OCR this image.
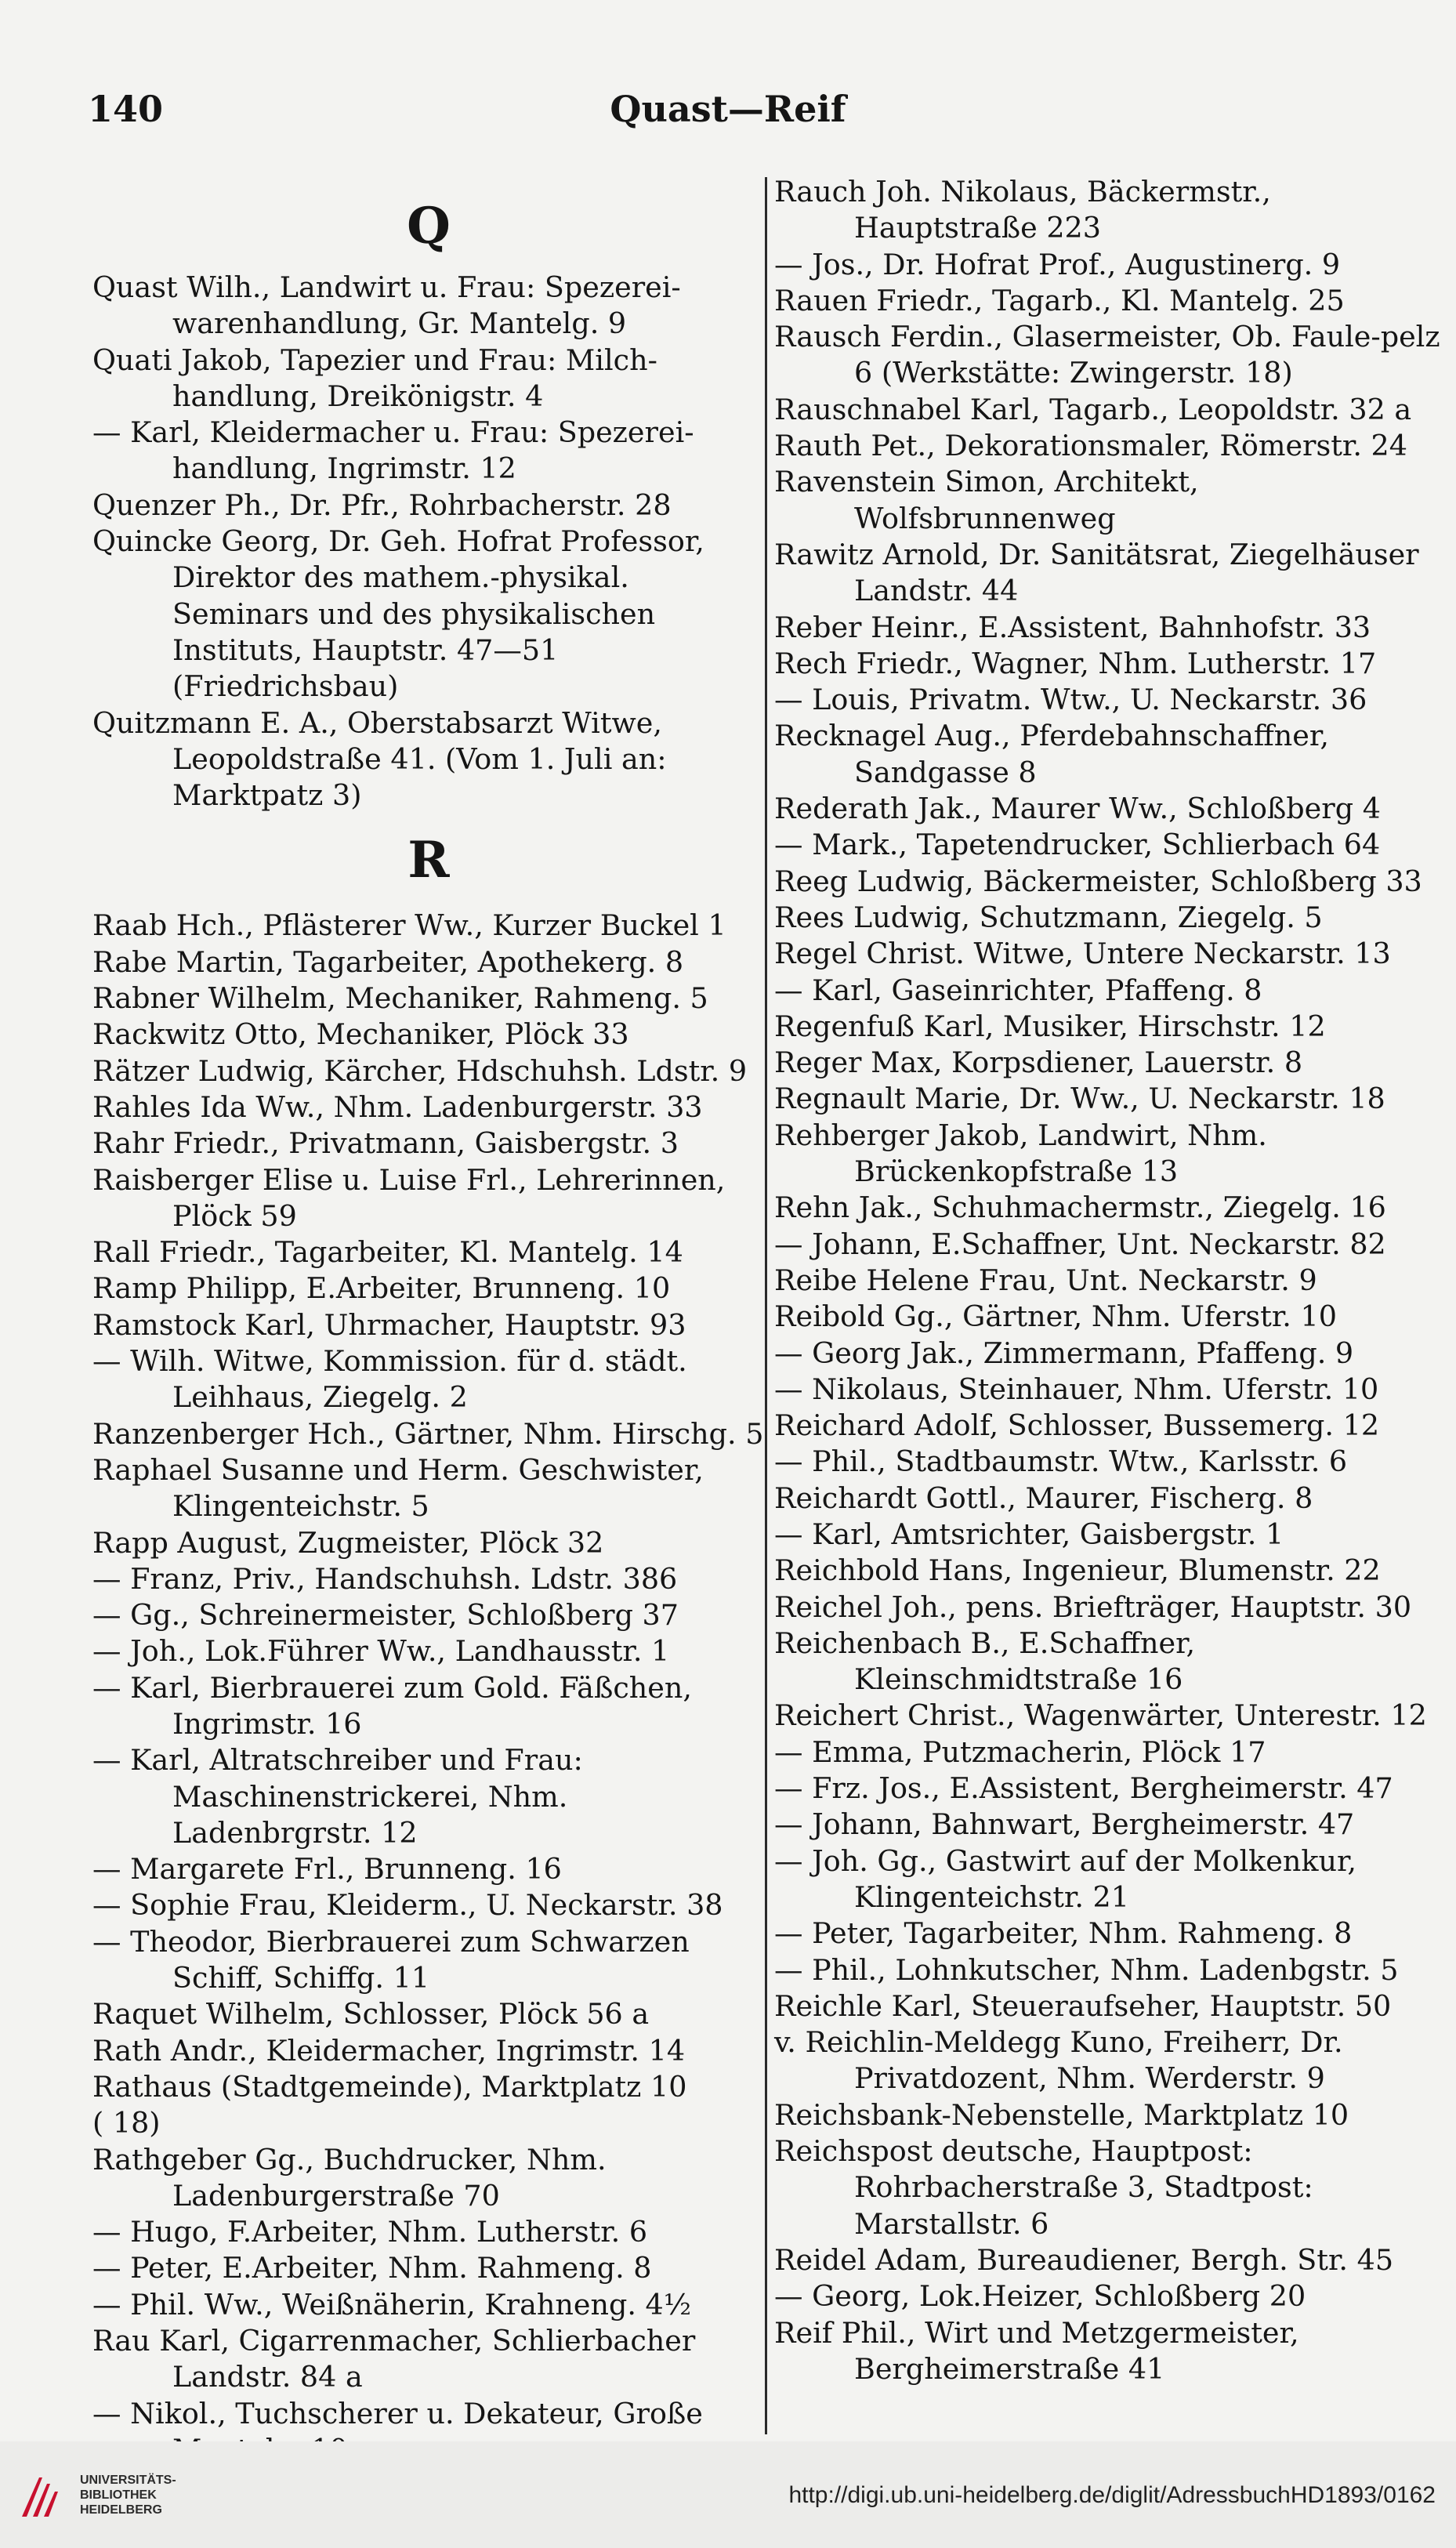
140	Quast—Reif
Q

Quast Wilh., Landwirt u. Frau: Spezerei-warenhandlung, Gr. Mantelg. 9

Quati Jakob, Tapezier und Frau: Milch-handlung, Dreikönigstr. 4

— Karl, Kleidermacher u. Frau: Spezerei-handlung, Ingrimstr. 12

Quenzer Ph., Dr. Pfr., Rohrbacherstr. 28

Quincke Georg, Dr. Geh. Hofrat Professor, Direktor des mathem.-physikal. Seminars und des physikalischen Instituts, Hauptstr. 47—51 (Friedrichsbau)

Quitzmann E. A., Oberstabsarzt Witwe, Leopoldstraße 41. (Vom 1. Juli an: Marktpatz 3)

R

Raab Hch., Pflästerer Ww., Kurzer Buckel 1

Rabe Martin, Tagarbeiter, Apothekerg. 8

Rabner Wilhelm, Mechaniker, Rahmeng. 5

Rackwitz Otto, Mechaniker, Plöck 33

Rätzer Ludwig, Kärcher, Hdschuhsh. Ldstr. 9

Rahles Ida Ww., Nhm. Ladenburgerstr. 33

Rahr Friedr., Privatmann, Gaisbergstr. 3

Raisberger Elise u. Luise Frl., Lehrerinnen, Plöck 59

Rall Friedr., Tagarbeiter, Kl. Mantelg. 14

Ramp Philipp, E.Arbeiter, Brunneng. 10

Ramstock Karl, Uhrmacher, Hauptstr. 93

— Wilh. Witwe, Kommission. für d. städt. Leihhaus, Ziegelg. 2

Ranzenberger Hch., Gärtner, Nhm. Hirschg. 5

Raphael Susanne und Herm. Geschwister, Klingenteichstr. 5

Rapp August, Zugmeister, Plöck 32

— Franz, Priv., Handschuhsh. Ldstr. 386

— Gg., Schreinermeister, Schloßberg 37

— Joh., Lok.Führer Ww., Landhausstr. 1

— Karl, Bierbrauerei zum Gold. Fäßchen, Ingrimstr. 16

— Karl, Altratschreiber und Frau: Maschinenstrickerei, Nhm. Ladenbrgrstr. 12

— Margarete Frl., Brunneng. 16

— Sophie Frau, Kleiderm., U. Neckarstr. 38

— Theodor, Bierbrauerei zum Schwarzen Schiff, Schiffg. 11

Raquet Wilhelm, Schlosser, Plöck 56 a

Rath Andr., Kleidermacher, Ingrimstr. 14

Rathaus (Stadtgemeinde), Marktplatz 10

( 18)

Rathgeber Gg., Buchdrucker, Nhm. Ladenburgerstraße 70

— Hugo, F.Arbeiter, Nhm. Lutherstr. 6

— Peter, E.Arbeiter, Nhm. Rahmeng. 8

— Phil. Ww., Weißnäherin, Krahneng. 4½

Rau Karl, Cigarrenmacher, Schlierbacher Landstr. 84 a

— Nikol., Tuchscherer u. Dekateur, Große

Rauch Joh. Nikolaus, Bäckermstr., Hauptstraße 223

— Jos., Dr. Hofrat Prof., Augustinerg. 9

Rauen Friedr., Tagarb., Kl. Mantelg. 25

Rausch Ferdin., Glasermeister, Ob. Faule-pelz 6 (Werkstätte: Zwingerstr. 18)

Rauschnabel Karl, Tagarb., Leopoldstr. 32 a

Rauth Pet., Dekorationsmaler, Römerstr. 24

Ravenstein Simon, Architekt, Wolfsbrunnenweg

Rawitz Arnold, Dr. Sanitätsrat, Ziegelhäuser Landstr. 44

Reber Heinr., E.Assistent, Bahnhofstr. 33

Rech Friedr., Wagner, Nhm. Lutherstr. 17

— Louis, Privatm. Wtw., U. Neckarstr. 36

Recknagel Aug., Pferdebahnschaffner, Sandgasse 8

Rederath Jak., Maurer Ww., Schloßberg 4

— Mark., Tapetendrucker, Schlierbach 64

Reeg Ludwig, Bäckermeister, Schloßberg 33

Rees Ludwig, Schutzmann, Ziegelg. 5

Regel Christ. Witwe, Untere Neckarstr. 13

— Karl, Gaseinrichter, Pfaffeng. 8

Regenfuß Karl, Musiker, Hirschstr. 12

Reger Max, Korpsdiener, Lauerstr. 8

Regnault Marie, Dr. Ww., U. Neckarstr. 18

Rehberger Jakob, Landwirt, Nhm. Brückenkopfstraße 13

Rehn Jak., Schuhmachermstr., Ziegelg. 16

— Johann, E.Schaffner, Unt. Neckarstr. 82

Reibe Helene Frau, Unt. Neckarstr. 9

Reibold Gg., Gärtner, Nhm. Uferstr. 10

— Georg Jak., Zimmermann, Pfaffeng. 9

— Nikolaus, Steinhauer, Nhm. Uferstr. 10

Reichard Adolf, Schlosser, Bussemerg. 12

— Phil., Stadtbaumstr. Wtw., Karlsstr. 6

Reichardt Gottl., Maurer, Fischerg. 8

— Karl, Amtsrichter, Gaisbergstr. 1

Reichbold Hans, Ingenieur, Blumenstr. 22

Reichel Joh., pens. Briefträger, Hauptstr. 30

Reichenbach B., E.Schaffner, Kleinschmidtstraße 16

Reichert Christ., Wagenwärter, Unterestr. 12

— Emma, Putzmacherin, Plöck 17

— Frz. Jos., E.Assistent, Bergheimerstr. 47

— Johann, Bahnwart, Bergheimerstr. 47

— Joh. Gg., Gastwirt auf der Molkenkur, Klingenteichstr. 21

— Peter, Tagarbeiter, Nhm. Rahmeng. 8

— Phil., Lohnkutscher, Nhm. Ladenbgstr. 5

Reichle Karl, Steueraufseher, Hauptstr. 50

v. Reichlin-Meldegg Kuno, Freiherr, Dr. Privatdozent, Nhm. Werderstr. 9

Reichsbank-Nebenstelle, Marktplatz 10

Reichspost deutsche, Hauptpost: Rohrbacherstraße 3, Stadtpost: Marstallstr. 6

Reidel Adam, Bureaudiener, Bergh. Str. 45

— Georg, Lok.Heizer, Schloßberg 20

Reif Phil., Wirt und Metzgermeister, Bergheimerstraße 41

UNIVERSITÄTS-
BIBLIOTHEK
HEIDELBERG
http://digi.ub.uni-heidelberg.de/diglit/AdressbuchHD1893/0162
